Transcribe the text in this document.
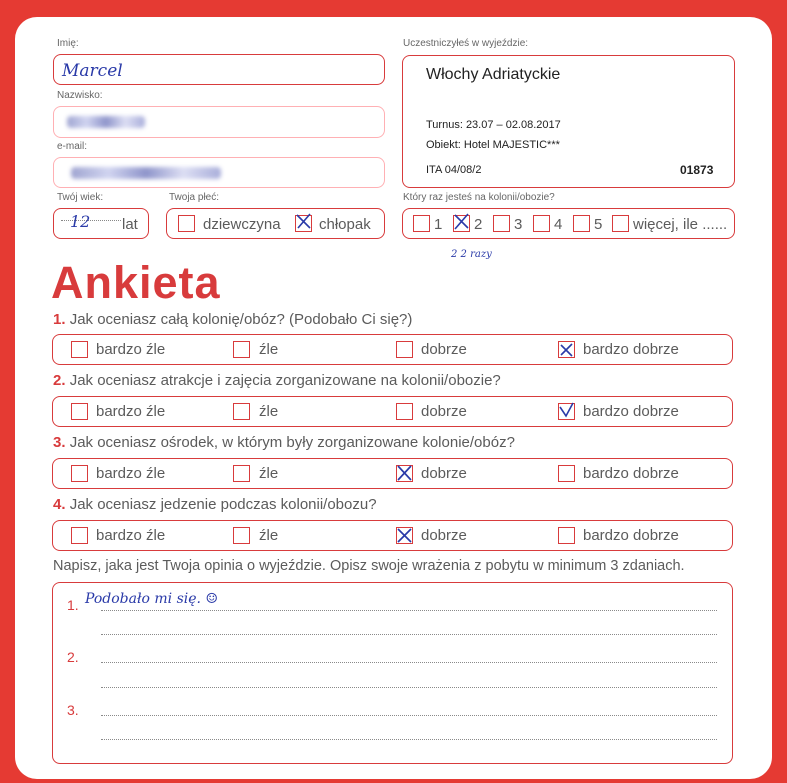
Imię:
Marcel
Nazwisko:
e-mail:
Twój wiek:
12 lat
Twoja płeć:
dziewczyna	chłopak
Uczestniczyłeś w wyjeździe:
Włochy Adriatyckie
Turnus: 23.07 – 02.08.2017
Obiekt: Hotel MAJESTIC***
ITA 04/08/2	01873
Który raz jesteś na kolonii/obozie?
1 2 3 4 5 więcej, ile ......
2 2 razy
Ankieta
1. Jak oceniasz całą kolonię/obóz? (Podobało Ci się?)
bardzo źle	źle	dobrze	bardzo dobrze
2. Jak oceniasz atrakcje i zajęcia zorganizowane na kolonii/obozie?
bardzo źle	źle	dobrze	bardzo dobrze
3. Jak oceniasz ośrodek, w którym były zorganizowane kolonie/obóz?
bardzo źle	źle	dobrze	bardzo dobrze
4. Jak oceniasz jedzenie podczas kolonii/obozu?
bardzo źle	źle	dobrze	bardzo dobrze
Napisz, jaka jest Twoja opinia o wyjeździe. Opisz swoje wrażenia z pobytu w minimum 3 zdaniach.
1. Podobało mi się. ☺
2.
3.
